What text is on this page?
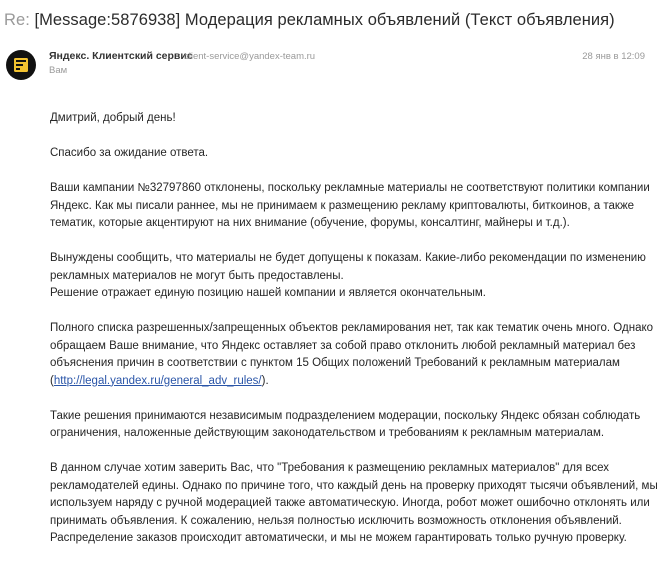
Re: [Message:5876938] Модерация рекламных объявлений (Текст объявления)
Яндекс. Клиентский сервис
client-service@yandex-team.ru
Вам
28 янв в 12:09

Дмитрий, добрый день!

Спасибо за ожидание ответа.

Ваши кампании №32797860 отклонены, поскольку рекламные материалы не соответствуют политики компании
Яндекс. Как мы писали раннее, мы не принимаем к размещению рекламу криптовалюты, биткоинов, а также
тематик, которые акцентируют на них внимание (обучение, форумы, консалтинг, майнеры и т.д.).

Вынуждены сообщить, что материалы не будет допущены к показам. Какие-либо рекомендации по изменению
рекламных материалов не могут быть предоставлены.
Решение отражает единую позицию нашей компании и является окончательным.

Полного списка разрешенных/запрещенных объектов рекламирования нет, так как тематик очень много. Однако
обращаем Ваше внимание, что Яндекс оставляет за собой право отклонить любой рекламный материал без
объяснения причин в соответствии с пунктом 15 Общих положений Требований к рекламным материалам
(http://legal.yandex.ru/general_adv_rules/).

Такие решения принимаются независимым подразделением модерации, поскольку Яндекс обязан соблюдать
ограничения, наложенные действующим законодательством и требованиям к рекламным материалам.

В данном случае хотим заверить Вас, что "Требования к размещению рекламных материалов" для всех
рекламодателей едины. Однако по причине того, что каждый день на проверку приходят тысячи объявлений, мы
используем наряду с ручной модерацией также автоматическую. Иногда, робот может ошибочно отклонять или
принимать объявления. К сожалению, нельзя полностью исключить возможность отклонения объявлений.
Распределение заказов происходит автоматически, и мы не можем гарантировать только ручную проверку.
